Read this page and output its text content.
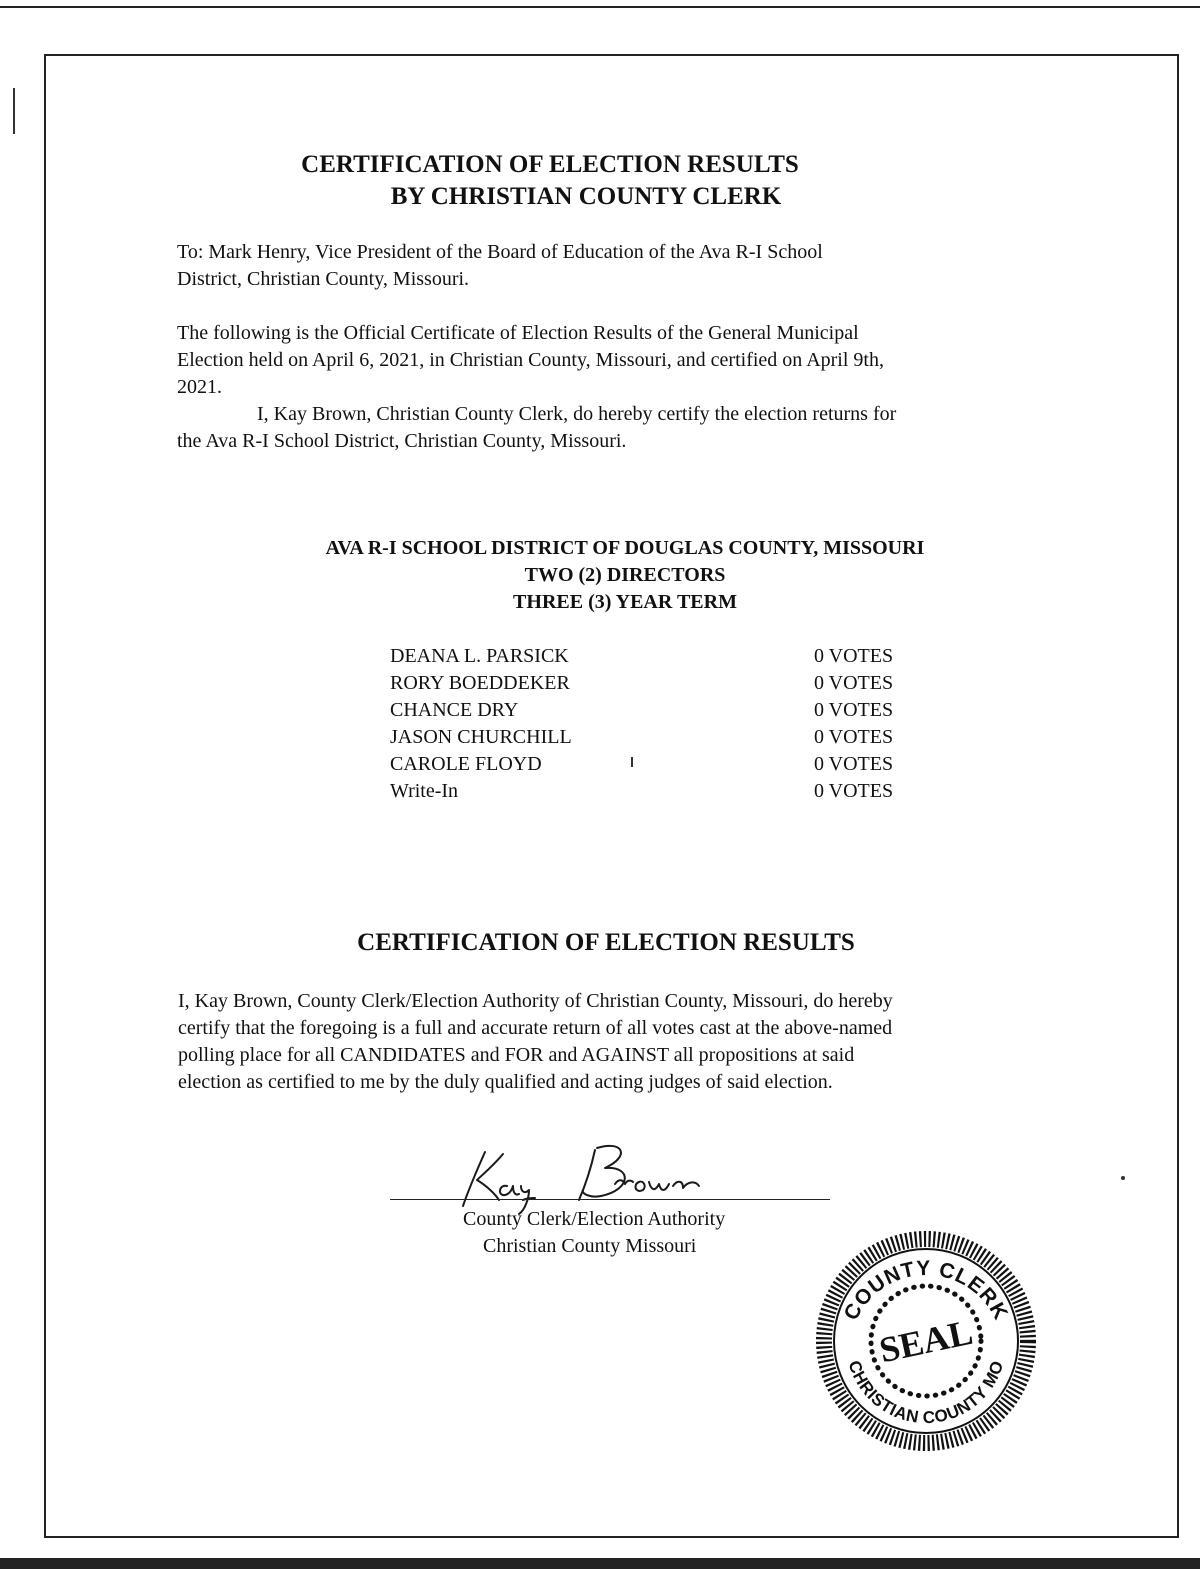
CERTIFICATION OF ELECTION RESULTS
BY CHRISTIAN COUNTY CLERK
To: Mark Henry, Vice President of the Board of Education of the Ava R-I School
District, Christian County, Missouri.
The following is the Official Certificate of Election Results of the General Municipal
Election held on April 6, 2021, in Christian County, Missouri, and certified on April 9th,
2021.
I, Kay Brown, Christian County Clerk, do hereby certify the election returns for
the Ava R-I School District, Christian County, Missouri.
AVA R-I SCHOOL DISTRICT OF DOUGLAS COUNTY, MISSOURI
TWO (2) DIRECTORS
THREE (3) YEAR TERM
DEANA L. PARSICK	0 VOTES
RORY BOEDDEKER	0 VOTES
CHANCE DRY	0 VOTES
JASON CHURCHILL	0 VOTES
CAROLE FLOYD	0 VOTES
Write-In	0 VOTES
CERTIFICATION OF ELECTION RESULTS
I, Kay Brown, County Clerk/Election Authority of Christian County, Missouri, do hereby
certify that the foregoing is a full and accurate return of all votes cast at the above-named
polling place for all CANDIDATES and FOR and AGAINST all propositions at said
election as certified to me by the duly qualified and acting judges of said election.
County Clerk/Election Authority
Christian County Missouri
COUNTY CLERK
CHRISTIAN COUNTY MO
SEAL
